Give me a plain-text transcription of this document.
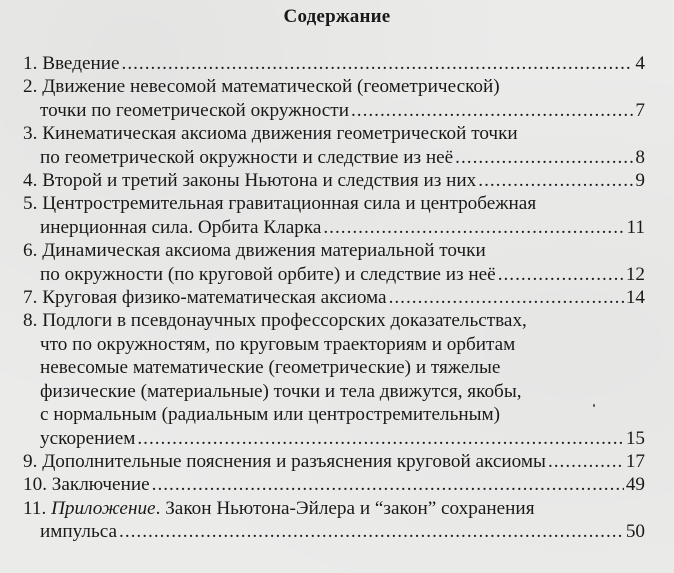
Содержание
1. Введение .....	4
2. Движение невесомой математической (геометрической)
точки по геометрической окружности .....	7
3. Кинематическая аксиома движения геометрической точки
по геометрической окружности и следствие из неё .....	8
4. Второй и третий законы Ньютона и следствия из них .....	9
5. Центростремительная гравитационная сила и центробежная
инерционная сила. Орбита Кларка .....	11
6. Динамическая аксиома движения материальной точки
по окружности (по круговой орбите) и следствие из неё .....	12
7. Круговая физико-математическая аксиома .....	14
8. Подлоги в псевдонаучных профессорских доказательствах,
что по окружностям, по круговым траекториям и орбитам
невесомые математические (геометрические) и тяжелые
физические (материальные) точки и тела движутся, якобы,
с нормальным (радиальным или центростремительным)
ускорением .....	15
9. Дополнительные пояснения и разъяснения круговой аксиомы .....	17
10. Заключение .....	49
11. Приложение. Закон Ньютона-Эйлера и “закон” сохранения
импульса .....	50
